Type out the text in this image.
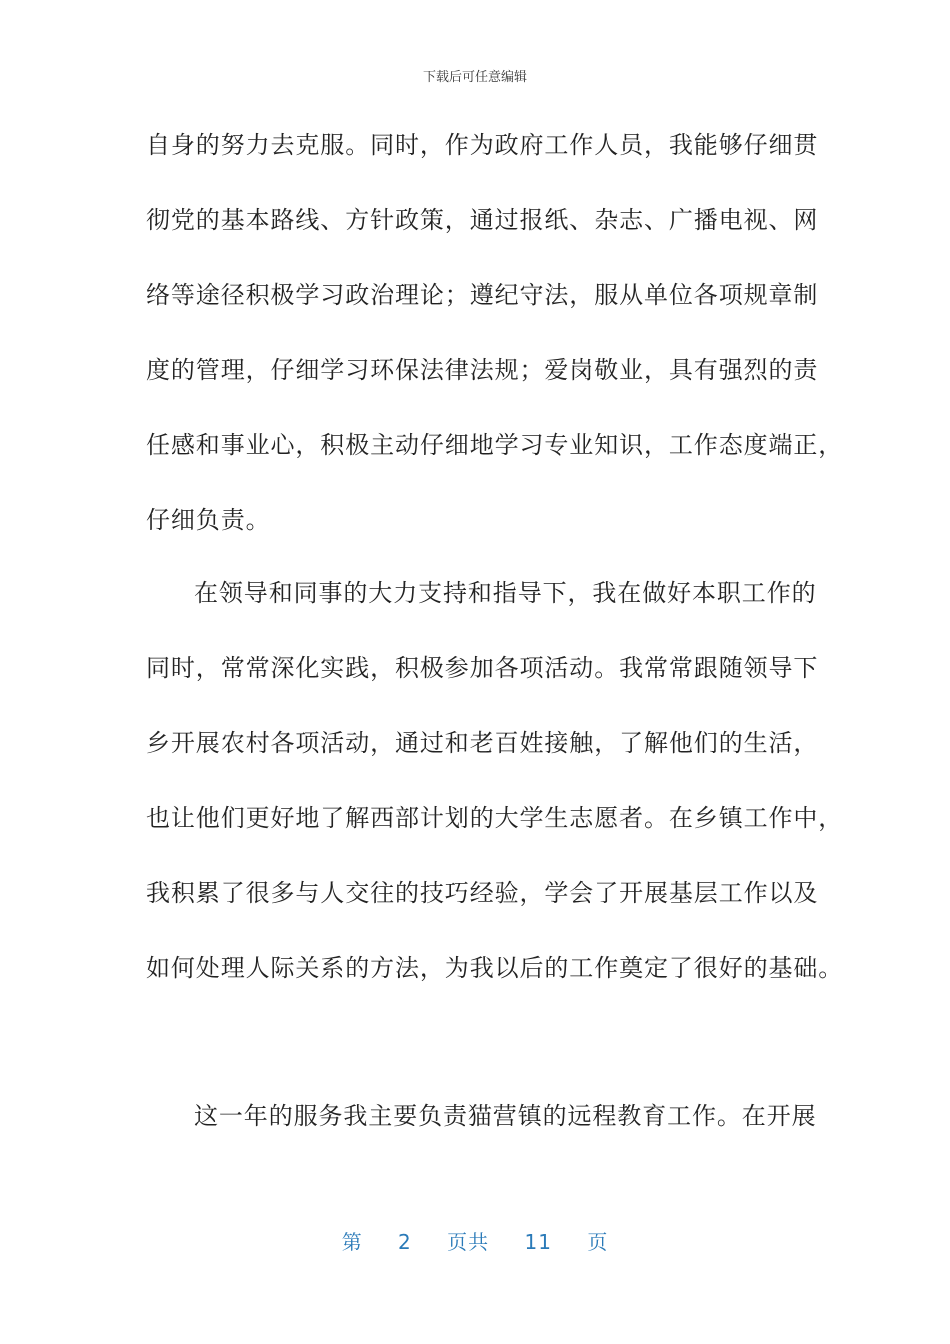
下载后可任意编辑
自身的努力去克服。同时，作为政府工作人员，我能够仔细贯
彻党的基本路线、方针政策，通过报纸、杂志、广播电视、网
络等途径积极学习政治理论；遵纪守法，服从单位各项规章制
度的管理，仔细学习环保法律法规；爱岗敬业，具有强烈的责
任感和事业心，积极主动仔细地学习专业知识，工作态度端正，
仔细负责。
在领导和同事的大力支持和指导下，我在做好本职工作的
同时，常常深化实践，积极参加各项活动。我常常跟随领导下
乡开展农村各项活动，通过和老百姓接触，了解他们的生活，
也让他们更好地了解西部计划的大学生志愿者。在乡镇工作中，
我积累了很多与人交往的技巧经验，学会了开展基层工作以及
如何处理人际关系的方法，为我以后的工作奠定了很好的基础。
这一年的服务我主要负责猫营镇的远程教育工作。在开展
第 2 页共 11 页
